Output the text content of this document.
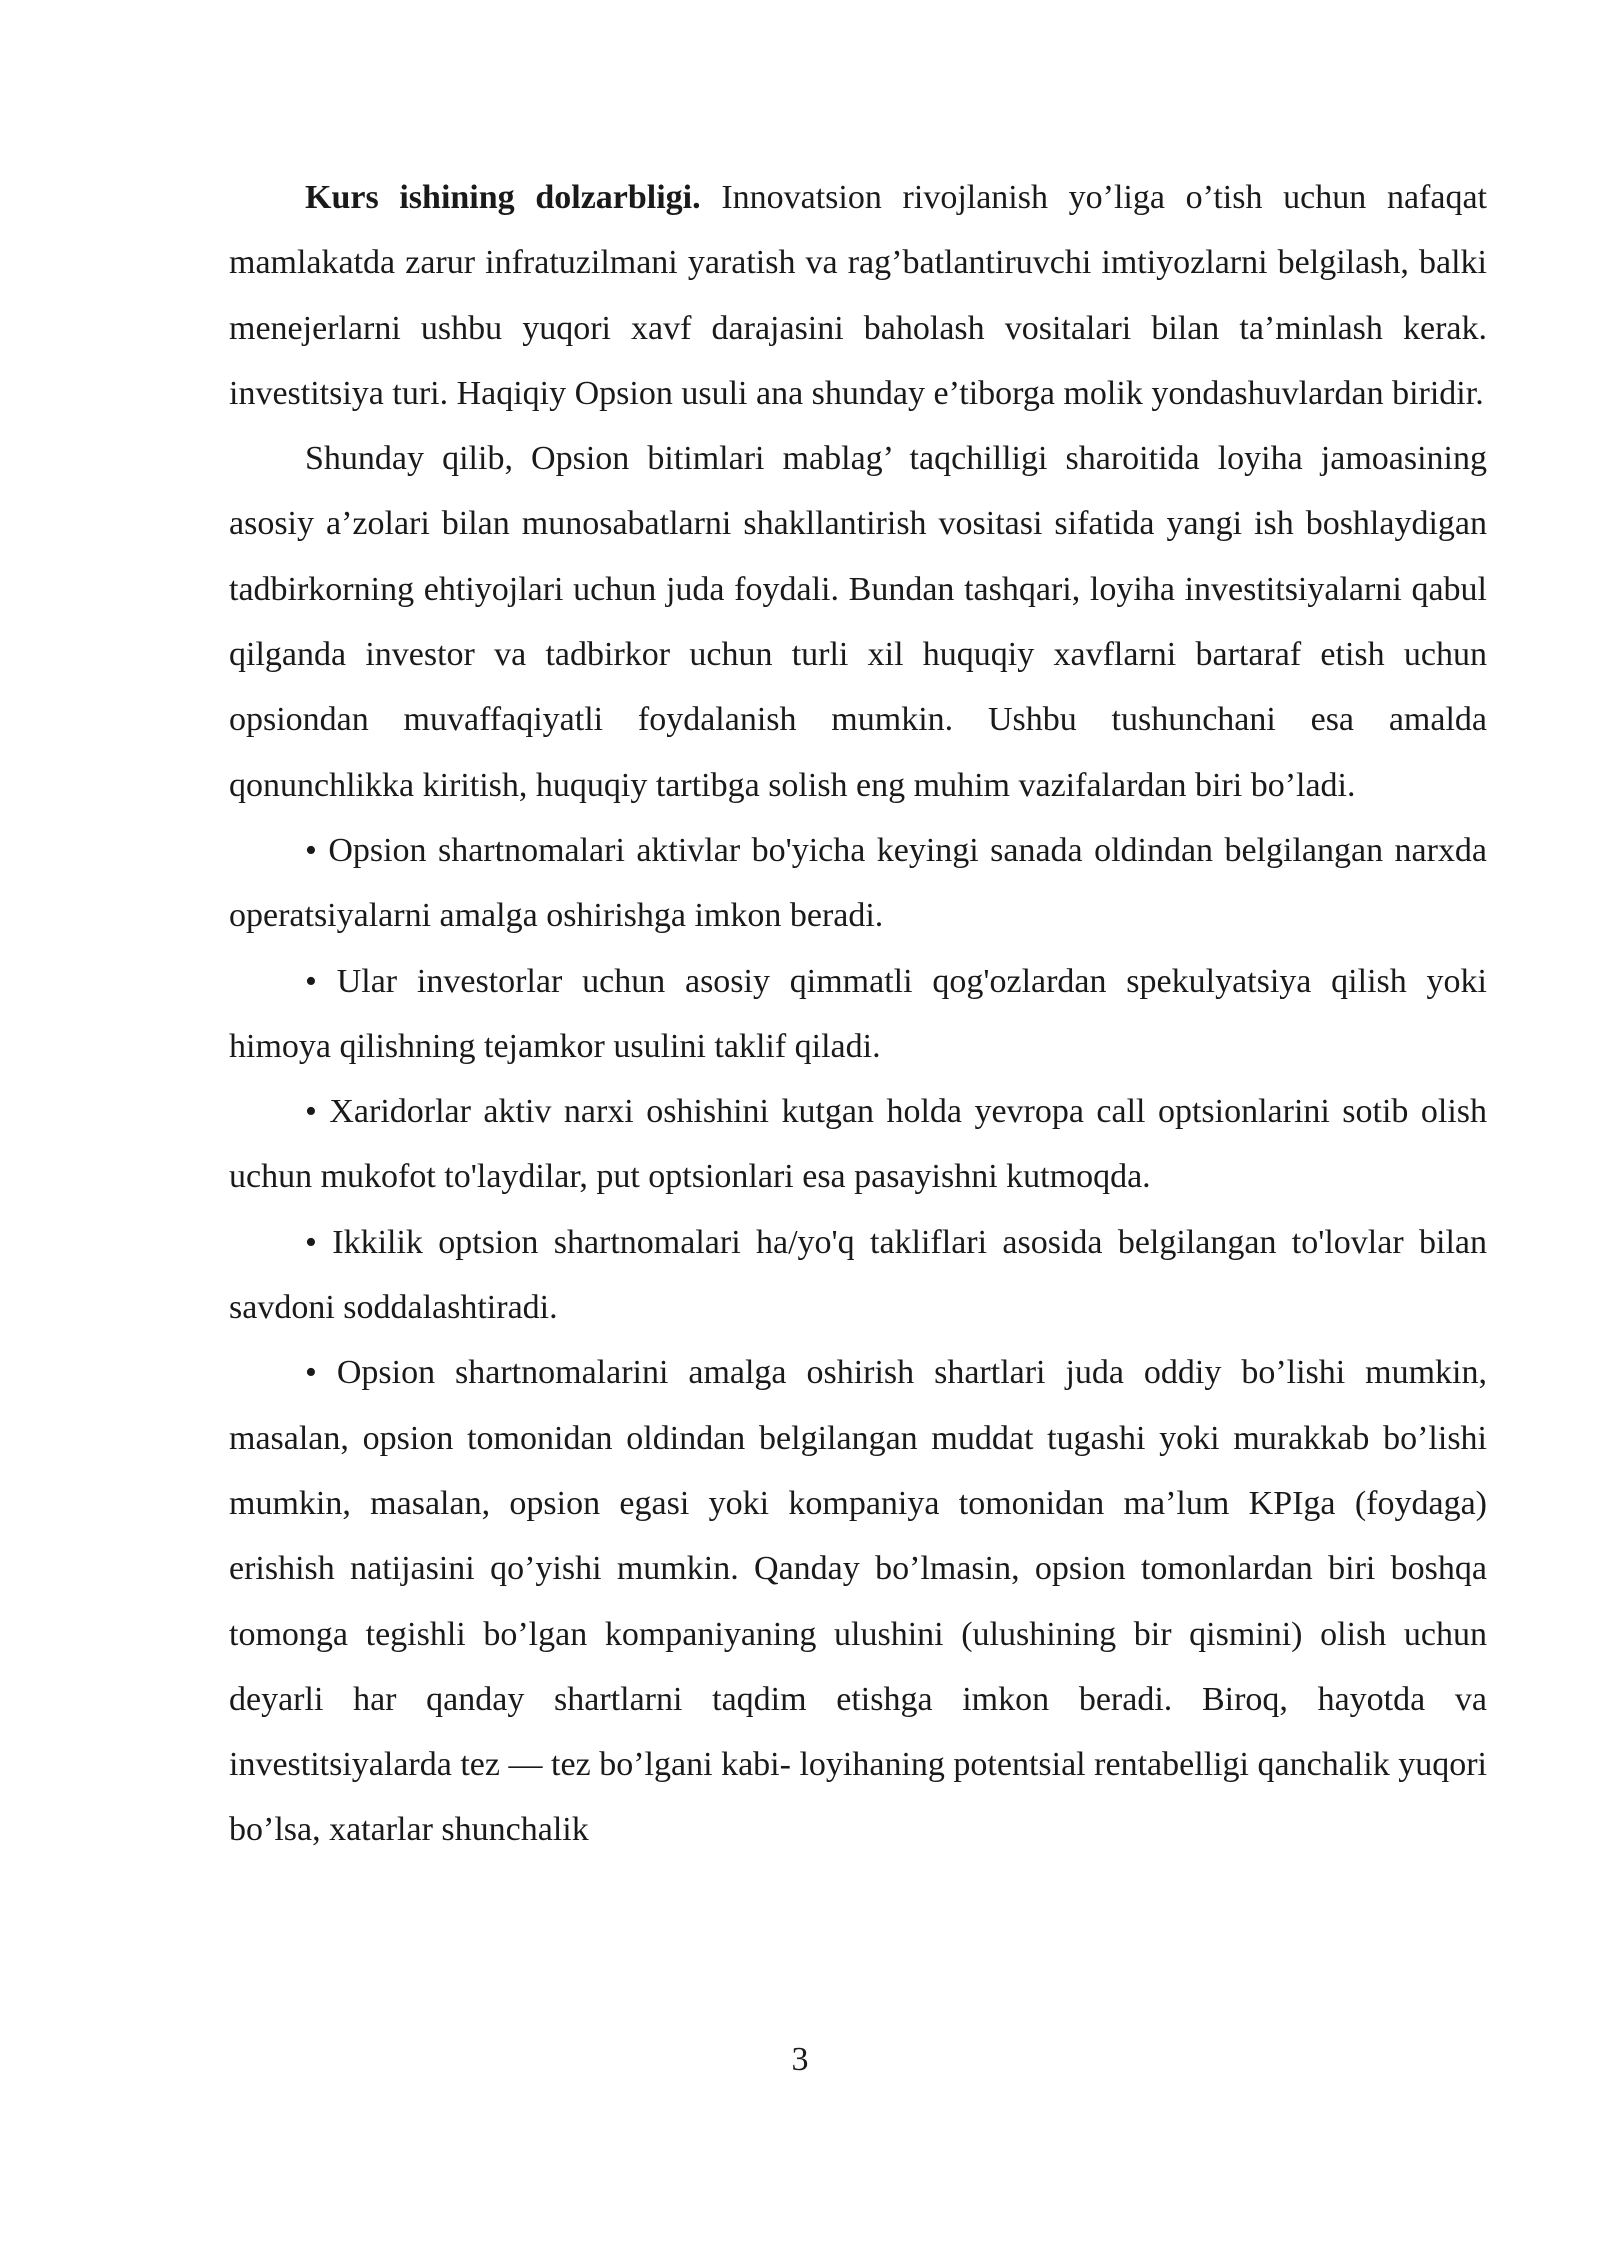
Kurs ishining dolzarbligi. Innovatsion rivojlanish yo’liga o’tish uchun nafaqat mamlakatda zarur infratuzilmani yaratish va rag’batlantiruvchi imtiyozlarni belgilash, balki menejerlarni ushbu yuqori xavf darajasini baholash vositalari bilan ta’minlash kerak. investitsiya turi. Haqiqiy Opsion usuli ana shunday e’tiborga molik yondashuvlardan biridir.

Shunday qilib, Opsion bitimlari mablag’ taqchilligi sharoitida loyiha jamoasining asosiy a’zolari bilan munosabatlarni shakllantirish vositasi sifatida yangi ish boshlaydigan tadbirkorning ehtiyojlari uchun juda foydali. Bundan tashqari, loyiha investitsiyalarni qabul qilganda investor va tadbirkor uchun turli xil huquqiy xavflarni bartaraf etish uchun opsiondan muvaffaqiyatli foydalanish mumkin. Ushbu tushunchani esa amalda qonunchlikka kiritish, huquqiy tartibga solish eng muhim vazifalardan biri bo’ladi.

• Opsion shartnomalari aktivlar bo'yicha keyingi sanada oldindan belgilangan narxda operatsiyalarni amalga oshirishga imkon beradi.

• Ular investorlar uchun asosiy qimmatli qog'ozlardan spekulyatsiya qilish yoki himoya qilishning tejamkor usulini taklif qiladi.

• Xaridorlar aktiv narxi oshishini kutgan holda yevropa call optsionlarini sotib olish uchun mukofot to'laydilar, put optsionlari esa pasayishni kutmoqda.

• Ikkilik optsion shartnomalari ha/yo'q takliflari asosida belgilangan to'lovlar bilan savdoni soddalashtiradi.

• Opsion shartnomalarini amalga oshirish shartlari juda oddiy bo’lishi mumkin, masalan, opsion tomonidan oldindan belgilangan muddat tugashi yoki murakkab bo’lishi mumkin, masalan, opsion egasi yoki kompaniya tomonidan ma’lum KPIga (foydaga) erishish natijasini qo’yishi mumkin. Qanday bo’lmasin, opsion tomonlardan biri boshqa tomonga tegishli bo’lgan kompaniyaning ulushini (ulushining bir qismini) olish uchun deyarli har qanday shartlarni taqdim etishga imkon beradi. Biroq, hayotda va investitsiyalarda tez — tez bo’lgani kabi- loyihaning potentsial rentabelligi qanchalik yuqori bo’lsa, xatarlar shunchalik

3
